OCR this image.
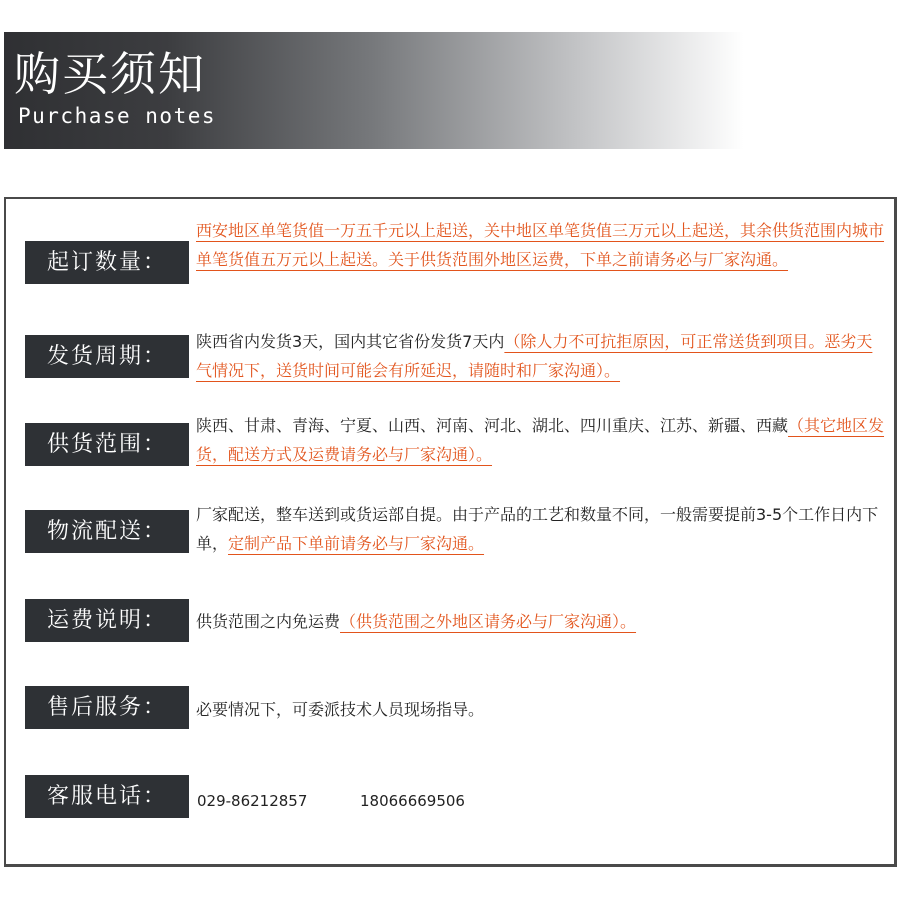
购买须知
Purchase notes
起订数量：
西安地区单笔货值一万五千元以上起送，关中地区单笔货值三万元以上起送，其余供货范围内城市单笔货值五万元以上起送。关于供货范围外地区运费，下单之前请务必与厂家沟通。
发货周期：
陕西省内发货3天，国内其它省份发货7天内（除人力不可抗拒原因，可正常送货到项目。恶劣天气情况下，送货时间可能会有所延迟，请随时和厂家沟通）。
供货范围：
陕西、甘肃、青海、宁夏、山西、河南、河北、湖北、四川重庆、江苏、新疆、西藏（其它地区发货，配送方式及运费请务必与厂家沟通）。
物流配送：
厂家配送，整车送到或货运部自提。由于产品的工艺和数量不同，一般需要提前3-5个工作日内下单，定制产品下单前请务必与厂家沟通。
运费说明：	供货范围之内免运费（供货范围之外地区请务必与厂家沟通）。
售后服务：	必要情况下，可委派技术人员现场指导。
客服电话：	029-86212857	18066669506
